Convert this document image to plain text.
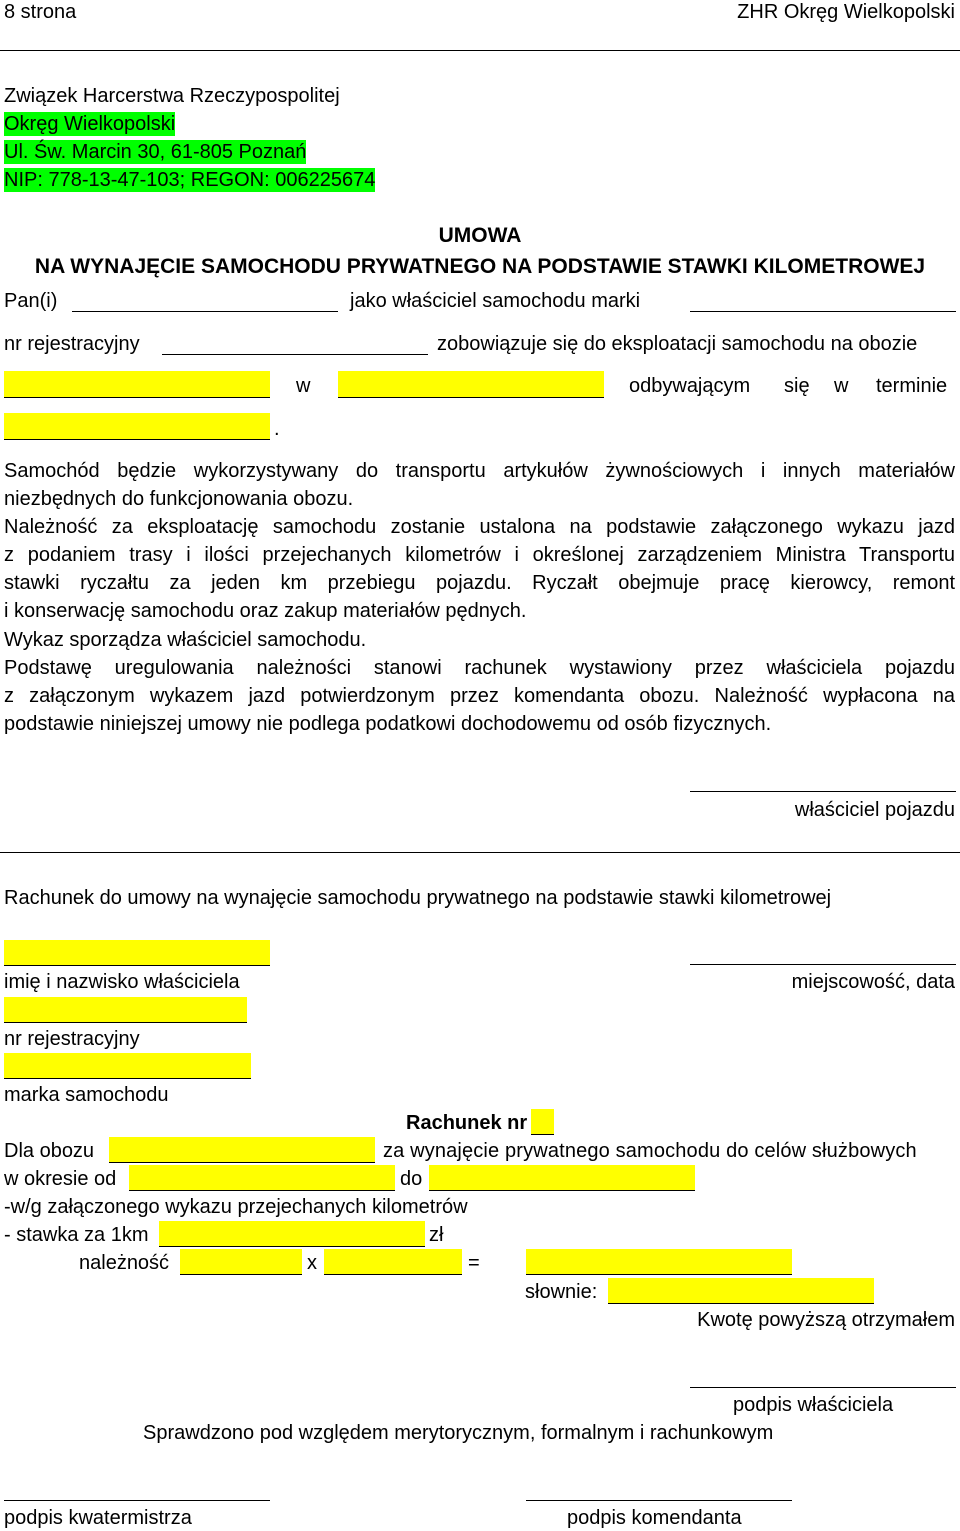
8 strona	ZHR Okręg Wielkopolski
Związek Harcerstwa Rzeczypospolitej
Okręg Wielkopolski
Ul. Św. Marcin 30, 61-805 Poznań
NIP: 778-13-47-103; REGON: 006225674
UMOWA
NA WYNAJĘCIE SAMOCHODU PRYWATNEGO NA PODSTAWIE STAWKI KILOMETROWEJ
Pan(i)	jako właściciel samochodu marki
nr rejestracyjny	zobowiązuje się do eksploatacji samochodu na obozie
w	odbywającym się w terminie
.
Samochód będzie wykorzystywany do transportu artykułów żywnościowych i innych materiałów
niezbędnych do funkcjonowania obozu.
Należność za eksploatację samochodu zostanie ustalona na podstawie załączonego wykazu jazd
z podaniem trasy i ilości przejechanych kilometrów i określonej zarządzeniem Ministra Transportu
stawki ryczałtu za jeden km przebiegu pojazdu. Ryczałt obejmuje pracę kierowcy, remont
i konserwację samochodu oraz zakup materiałów pędnych.
Wykaz sporządza właściciel samochodu.
Podstawę uregulowania należności stanowi rachunek wystawiony przez właściciela pojazdu
z załączonym wykazem jazd potwierdzonym przez komendanta obozu. Należność wypłacona na
podstawie niniejszej umowy nie podlega podatkowi dochodowemu od osób fizycznych.
właściciel pojazdu
Rachunek do umowy na wynajęcie samochodu prywatnego na podstawie stawki kilometrowej
imię i nazwisko właściciela	miejscowość, data
nr rejestracyjny
marka samochodu
Rachunek nr
Dla obozu	za wynajęcie prywatnego samochodu do celów służbowych
w okresie od	do
-w/g załączonego wykazu przejechanych kilometrów
- stawka za 1km	zł
należność	x	=
słownie:
Kwotę powyższą otrzymałem
podpis właściciela
Sprawdzono pod względem merytorycznym, formalnym i rachunkowym
podpis kwatermistrza	podpis komendanta
